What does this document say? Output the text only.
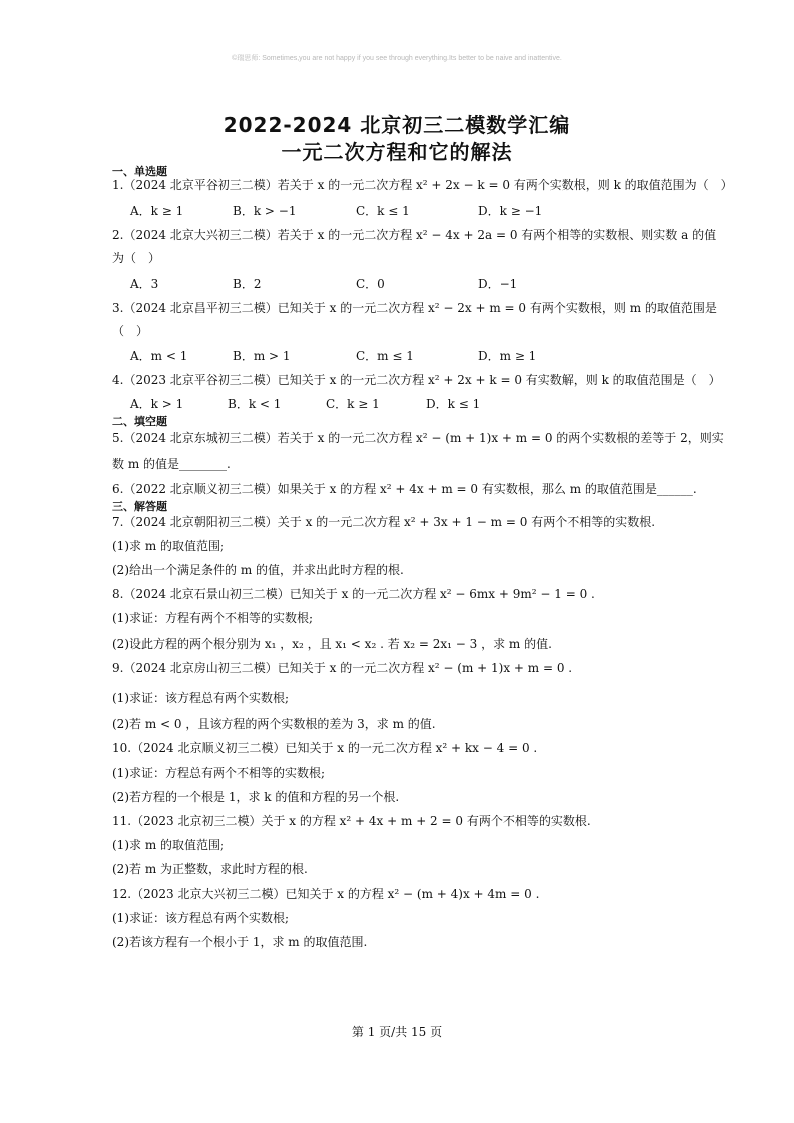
©瑞思师: Sometimes,you are not happy if you see through everything.Its better to be naive and inattentive.
2022-2024 北京初三二模数学汇编
一元二次方程和它的解法
一、单选题
1.（2024 北京平谷初三二模）若关于 x 的一元二次方程 x² + 2x − k = 0 有两个实数根，则 k 的取值范围为（　）
A．k ≥ 1	B．k > −1	C．k ≤ 1	D．k ≥ −1
2.（2024 北京大兴初三二模）若关于 x 的一元二次方程 x² − 4x + 2a = 0 有两个相等的实数根、则实数 a 的值
为（　）
A．3	B．2	C．0	D．−1
3.（2024 北京昌平初三二模）已知关于 x 的一元二次方程 x² − 2x + m = 0 有两个实数根，则 m 的取值范围是
（　）
A．m < 1	B．m > 1	C．m ≤ 1	D．m ≥ 1
4.（2023 北京平谷初三二模）已知关于 x 的一元二次方程 x² + 2x + k = 0 有实数解，则 k 的取值范围是（　）
A．k > 1	B．k < 1	C．k ≥ 1	D．k ≤ 1
二、填空题
5.（2024 北京东城初三二模）若关于 x 的一元二次方程 x² − (m + 1)x + m = 0 的两个实数根的差等于 2，则实
数 m 的值是________.
6.（2022 北京顺义初三二模）如果关于 x 的方程 x² + 4x + m = 0 有实数根，那么 m 的取值范围是______.
三、解答题
7.（2024 北京朝阳初三二模）关于 x 的一元二次方程 x² + 3x + 1 − m = 0 有两个不相等的实数根.
(1)求 m 的取值范围;
(2)给出一个满足条件的 m 的值，并求出此时方程的根.
8.（2024 北京石景山初三二模）已知关于 x 的一元二次方程 x² − 6mx + 9m² − 1 = 0 .
(1)求证：方程有两个不相等的实数根;
(2)设此方程的两个根分别为 x₁ ，x₂ ，且 x₁ < x₂ . 若 x₂ = 2x₁ − 3 ，求 m 的值.
9.（2024 北京房山初三二模）已知关于 x 的一元二次方程 x² − (m + 1)x + m = 0 .
(1)求证：该方程总有两个实数根;
(2)若 m < 0 ，且该方程的两个实数根的差为 3，求 m 的值.
10.（2024 北京顺义初三二模）已知关于 x 的一元二次方程 x² + kx − 4 = 0 .
(1)求证：方程总有两个不相等的实数根;
(2)若方程的一个根是 1，求 k 的值和方程的另一个根.
11.（2023 北京初三二模）关于 x 的方程 x² + 4x + m + 2 = 0 有两个不相等的实数根.
(1)求 m 的取值范围;
(2)若 m 为正整数，求此时方程的根.
12.（2023 北京大兴初三二模）已知关于 x 的方程 x² − (m + 4)x + 4m = 0 .
(1)求证：该方程总有两个实数根;
(2)若该方程有一个根小于 1，求 m 的取值范围.
第 1 页/共 15 页
